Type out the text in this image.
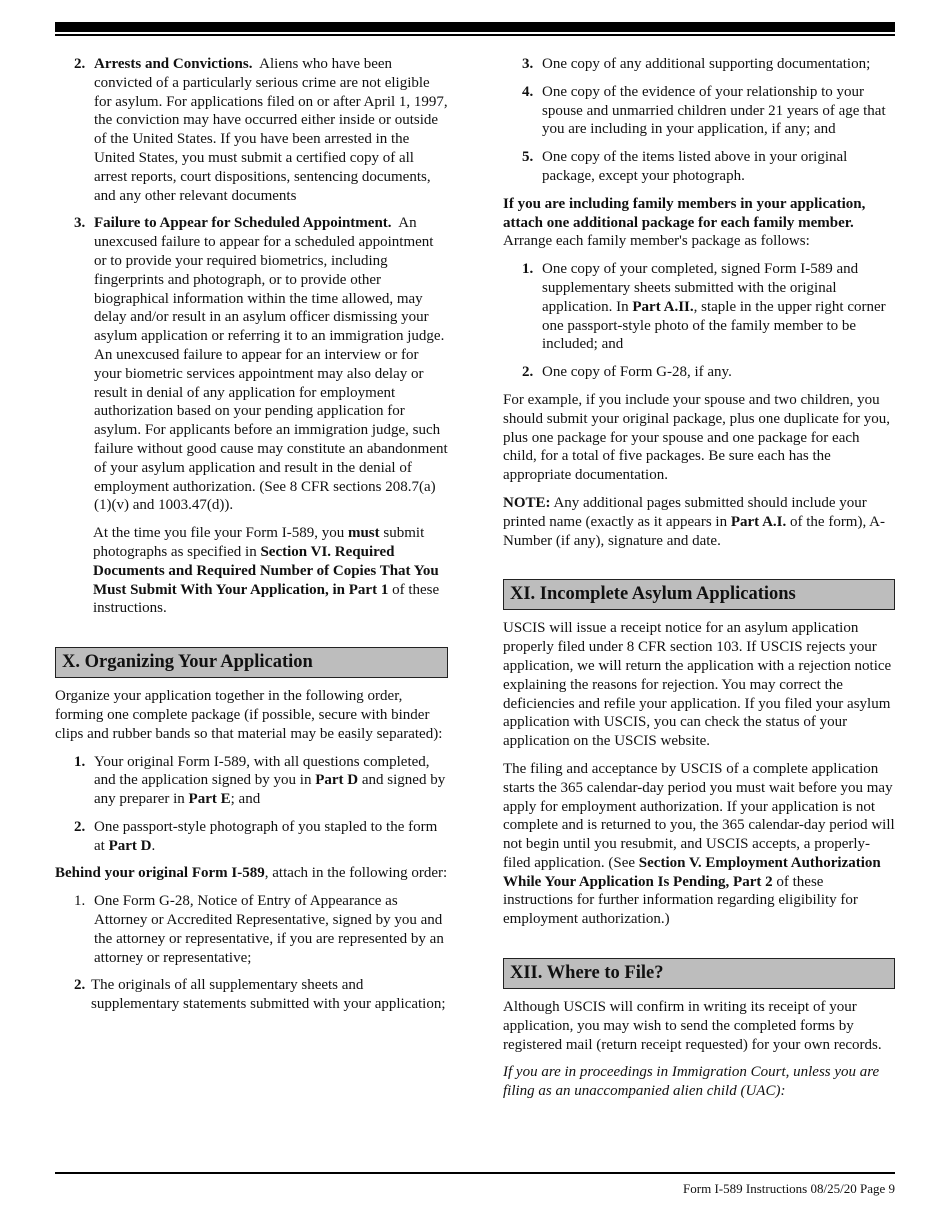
2. Arrests and Convictions. Aliens who have been convicted of a particularly serious crime are not eligible for asylum. For applications filed on or after April 1, 1997, the conviction may have occurred either inside or outside of the United States. If you have been arrested in the United States, you must submit a certified copy of all arrest reports, court dispositions, sentencing documents, and any other relevant documents
3. Failure to Appear for Scheduled Appointment. An unexcused failure to appear for a scheduled appointment or to provide your required biometrics, including fingerprints and photograph, or to provide other biographical information within the time allowed, may delay and/or result in an asylum officer dismissing your asylum application or referring it to an immigration judge. An unexcused failure to appear for an interview or for your biometric services appointment may also delay or result in denial of any application for employment authorization based on your pending application for asylum. For applicants before an immigration judge, such failure without good cause may constitute an abandonment of your asylum application and result in the denial of employment authorization. (See 8 CFR sections 208.7(a)(1)(v) and 1003.47(d)).

At the time you file your Form I-589, you must submit photographs as specified in Section VI. Required Documents and Required Number of Copies That You Must Submit With Your Application, in Part 1 of these instructions.

X. Organizing Your Application

Organize your application together in the following order, forming one complete package (if possible, secure with binder clips and rubber bands so that material may be easily separated):

1. Your original Form I-589, with all questions completed, and the application signed by you in Part D and signed by any preparer in Part E; and
2. One passport-style photograph of you stapled to the form at Part D.

Behind your original Form I-589, attach in the following order:

1. One Form G-28, Notice of Entry of Appearance as Attorney or Accredited Representative, signed by you and the attorney or representative, if you are represented by an attorney or representative;
2. The originals of all supplementary sheets and supplementary statements submitted with your application;
3. One copy of any additional supporting documentation;
4. One copy of the evidence of your relationship to your spouse and unmarried children under 21 years of age that you are including in your application, if any; and
5. One copy of the items listed above in your original package, except your photograph.

If you are including family members in your application, attach one additional package for each family member. Arrange each family member's package as follows:

1. One copy of your completed, signed Form I-589 and supplementary sheets submitted with the original application. In Part A.II., staple in the upper right corner one passport-style photo of the family member to be included; and
2. One copy of Form G-28, if any.

For example, if you include your spouse and two children, you should submit your original package, plus one duplicate for you, plus one package for your spouse and one package for each child, for a total of five packages. Be sure each has the appropriate documentation.

NOTE: Any additional pages submitted should include your printed name (exactly as it appears in Part A.I. of the form), A-Number (if any), signature and date.

XI. Incomplete Asylum Applications

USCIS will issue a receipt notice for an asylum application properly filed under 8 CFR section 103. If USCIS rejects your application, we will return the application with a rejection notice explaining the reasons for rejection. You may correct the deficiencies and refile your application. If you filed your asylum application with USCIS, you can check the status of your application on the USCIS website.

The filing and acceptance by USCIS of a complete application starts the 365 calendar-day period you must wait before you may apply for employment authorization. If your application is not complete and is returned to you, the 365 calendar-day period will not begin until you resubmit, and USCIS accepts, a properly-filed application. (See Section V. Employment Authorization While Your Application Is Pending, Part 2 of these instructions for further information regarding eligibility for employment authorization.)

XII. Where to File?

Although USCIS will confirm in writing its receipt of your application, you may wish to send the completed forms by registered mail (return receipt requested) for your own records.

If you are in proceedings in Immigration Court, unless you are filing as an unaccompanied alien child (UAC):

Form I-589 Instructions 08/25/20 Page 9
